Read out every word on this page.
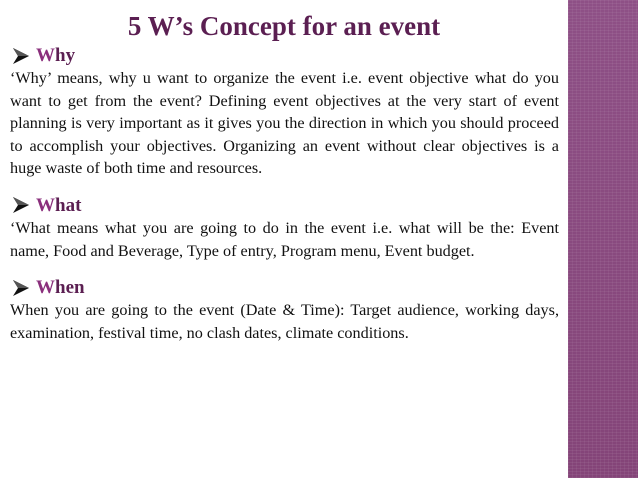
5 W’s Concept for an event
Why

‘Why’ means, why u want to organize the event i.e. event objective what do you want to get from the event? Defining event objectives at the very start of event planning is very important as it gives you the direction in which you should proceed to accomplish your objectives. Organizing an event without clear objectives is a huge waste of both time and resources.

What

‘What means what you are going to do in the event i.e. what will be the: Event name, Food and Beverage, Type of entry, Program menu, Event budget.

When

When you are going to the event (Date & Time): Target audience, working days, examination, festival time, no clash dates, climate conditions.
